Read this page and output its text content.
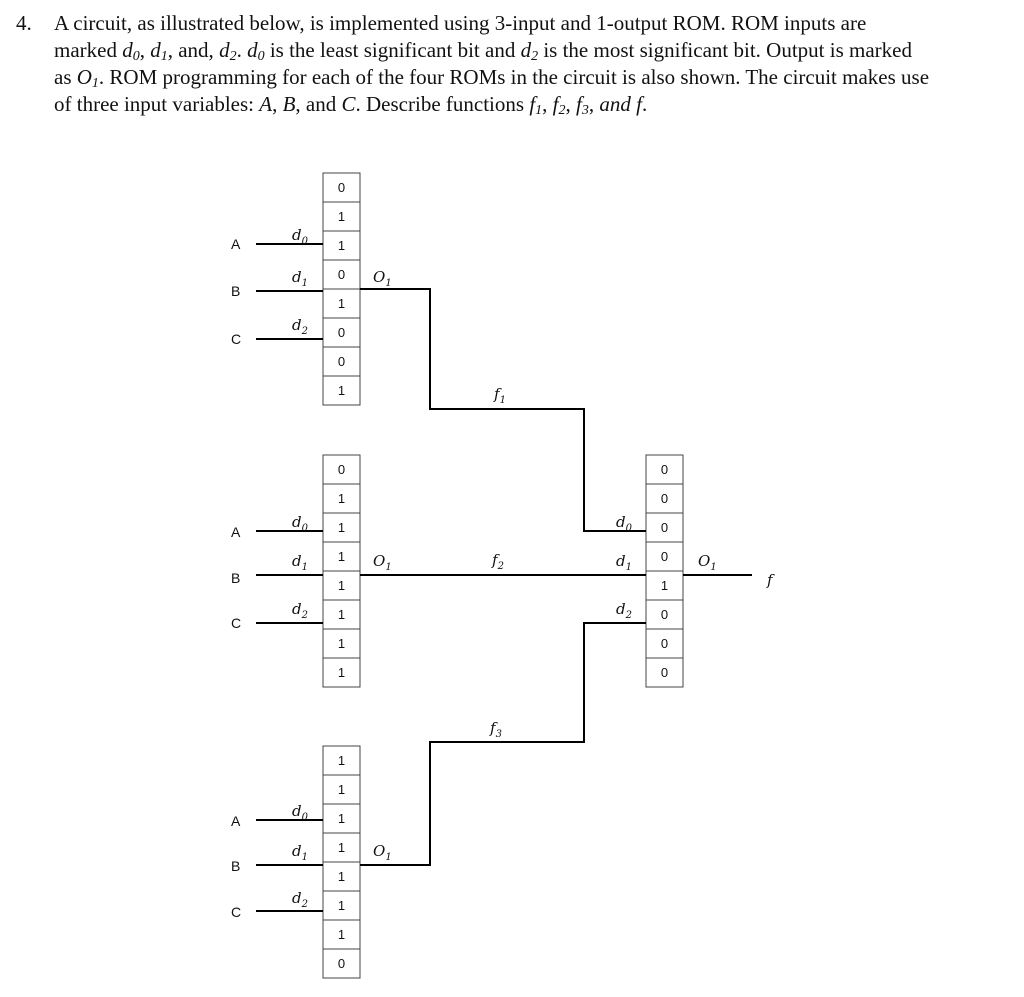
4. A circuit, as illustrated below, is implemented using 3-input and 1-output ROM. ROM inputs are
marked $d_0$, $d_1$, and, $d_2$. $d_0$ is the least significant bit and $d_2$ is the most significant bit. Output is marked
as $O_1$. ROM programming for each of the four ROMs in the circuit is also shown. The circuit makes use
of three input variables: A, B, and C. Describe functions $f_1$, $f_2$, $f_3$, and f.
0
1
1
0
1
0
0
1
A
B
C
$d_0$
$d_1$
$d_2$
$O_1$
0
1
1
1
1
1
1
1
A
B
C
$d_0$
$d_1$
$d_2$
$O_1$
1
1
1
1
1
1
1
0
A
B
C
$d_0$
$d_1$
$d_2$
$O_1$
0
0
0
0
1
0
0
0
$d_0$
$d_1$
$d_2$
$O_1$
$f_1$
$f_2$
$f_3$
f
